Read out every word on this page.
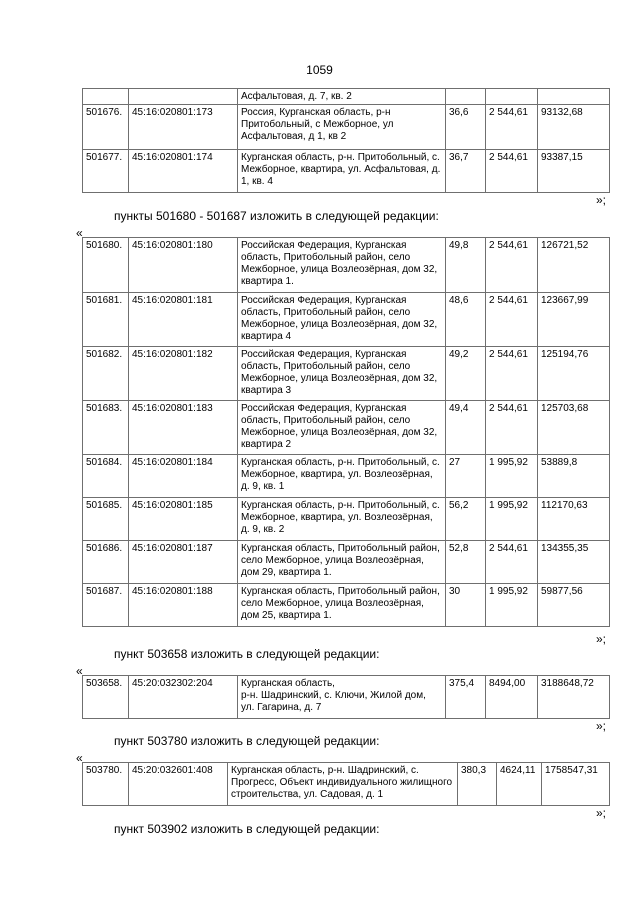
1059
		Асфальтовая, д. 7, кв. 2			
501676.	45:16:020801:173	Россия, Курганская область, р-н Притобольный, с Межборное, ул Асфальтовая, д 1, кв 2	36,6	2 544,61	93132,68
501677.	45:16:020801:174	Курганская область, р-н. Притобольный, с. Межборное, квартира, ул. Асфальтовая, д. 1, кв. 4	36,7	2 544,61	93387,15
»;
пункты 501680 - 501687 изложить в следующей редакции:
«
501680.	45:16:020801:180	Российская Федерация, Курганская область, Притобольный район, село Межборное, улица Возлеозёрная, дом 32, квартира 1.	49,8	2 544,61	126721,52
501681.	45:16:020801:181	Российская Федерация, Курганская область, Притобольный район, село Межборное, улица Возлеозёрная, дом 32, квартира 4	48,6	2 544,61	123667,99
501682.	45:16:020801:182	Российская Федерация, Курганская область, Притобольный район, село Межборное, улица Возлеозёрная, дом 32, квартира 3	49,2	2 544,61	125194,76
501683.	45:16:020801:183	Российская Федерация, Курганская область, Притобольный район, село Межборное, улица Возлеозёрная, дом 32, квартира 2	49,4	2 544,61	125703,68
501684.	45:16:020801:184	Курганская область, р-н. Притобольный, с. Межборное, квартира, ул. Возлеозёрная, д. 9, кв. 1	27	1 995,92	53889,8
501685.	45:16:020801:185	Курганская область, р-н. Притобольный, с. Межборное, квартира, ул. Возлеозёрная, д. 9, кв. 2	56,2	1 995,92	112170,63
501686.	45:16:020801:187	Курганская область, Притобольный район, село Межборное, улица Возлеозёрная, дом 29, квартира 1.	52,8	2 544,61	134355,35
501687.	45:16:020801:188	Курганская область, Притобольный район, село Межборное, улица Возлеозёрная, дом 25, квартира 1.	30	1 995,92	59877,56
»;
пункт 503658 изложить в следующей редакции:
«
503658.	45:20:032302:204	Курганская область,
р-н. Шадринский, с. Ключи, Жилой дом, ул. Гагарина, д. 7	375,4	8494,00	3188648,72
»;
пункт 503780 изложить в следующей редакции:
«
503780.	45:20:032601:408	Курганская область, р-н. Шадринский, с. Прогресс, Объект индивидуального жилищного строительства, ул. Садовая, д. 1	380,3	4624,11	1758547,31
»;
пункт 503902 изложить в следующей редакции:
